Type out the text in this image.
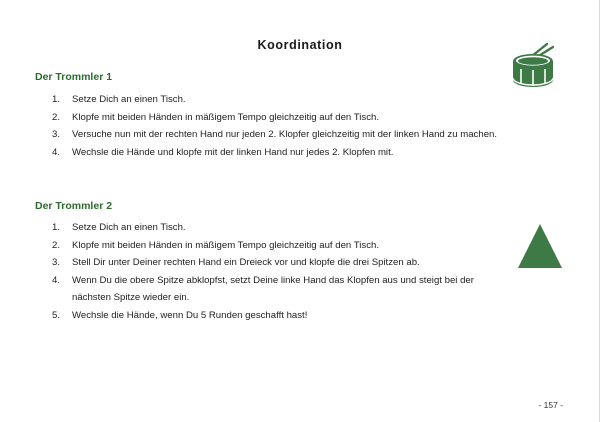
Koordination
Der Trommler 1
1.	Setze Dich an einen Tisch.
2.	Klopfe mit beiden Händen in mäßigem Tempo gleichzeitig auf den Tisch.
3.	Versuche nun mit der rechten Hand nur jeden 2. Klopfer gleichzeitig mit der linken Hand zu machen.
4.	Wechsle die Hände und klopfe mit der linken Hand nur jedes 2. Klopfen mit.
Der Trommler 2
1.	Setze Dich an einen Tisch.
2.	Klopfe mit beiden Händen in mäßigem Tempo gleichzeitig auf den Tisch.
3.	Stell Dir unter Deiner rechten Hand ein Dreieck vor und klopfe die drei Spitzen ab.
4.	Wenn Du die obere Spitze abklopfst, setzt Deine linke Hand das Klopfen aus und steigt bei der nächsten Spitze wieder ein.
5.	Wechsle die Hände, wenn Du 5 Runden geschafft hast!
- 157 -
